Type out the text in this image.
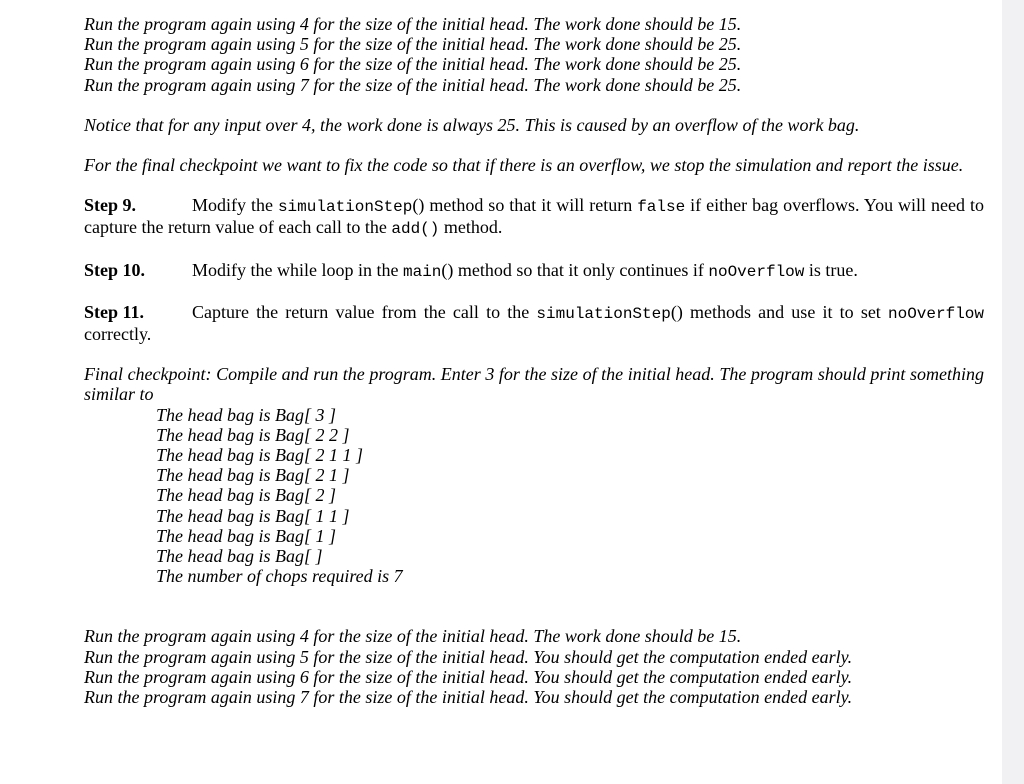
Run the program again using 4 for the size of the initial head. The work done should be 15.
Run the program again using 5 for the size of the initial head. The work done should be 25.
Run the program again using 6 for the size of the initial head. The work done should be 25.
Run the program again using 7 for the size of the initial head. The work done should be 25.
Notice that for any input over 4, the work done is always 25. This is caused by an overflow of the work bag.
For the final checkpoint we want to fix the code so that if there is an overflow, we stop the simulation and report the issue.
Step 9.	Modify the simulationStep() method so that it will return false if either bag overflows. You will need to capture the return value of each call to the add() method.
Step 10.	Modify the while loop in the main() method so that it only continues if noOverflow is true.
Step 11.	Capture the return value from the call to the simulationStep() methods and use it to set noOverflow correctly.
Final checkpoint: Compile and run the program. Enter 3 for the size of the initial head. The program should print something similar to
The head bag is Bag[ 3 ]
The head bag is Bag[ 2 2 ]
The head bag is Bag[ 2 1 1 ]
The head bag is Bag[ 2 1 ]
The head bag is Bag[ 2 ]
The head bag is Bag[ 1 1 ]
The head bag is Bag[ 1 ]
The head bag is Bag[ ]
The number of chops required is 7
Run the program again using 4 for the size of the initial head. The work done should be 15.
Run the program again using 5 for the size of the initial head. You should get the computation ended early.
Run the program again using 6 for the size of the initial head. You should get the computation ended early.
Run the program again using 7 for the size of the initial head. You should get the computation ended early.
